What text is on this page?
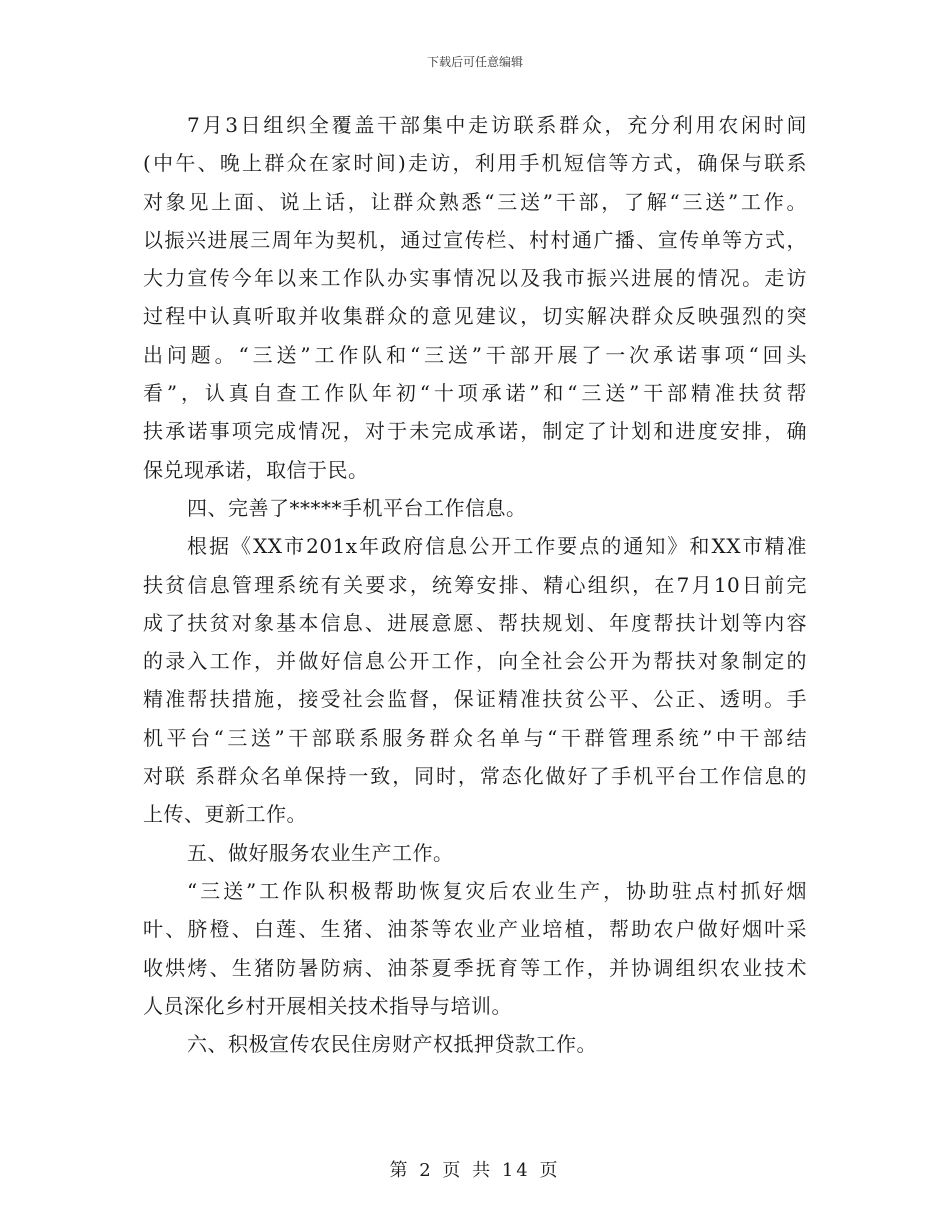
下载后可任意编辑
7月3日组织全覆盖干部集中走访联系群众，充分利用农闲时间
(中午、晚上群众在家时间)走访，利用手机短信等方式，确保与联系
对象见上面、说上话，让群众熟悉“三送”干部，了解“三送”工作。
以振兴进展三周年为契机，通过宣传栏、村村通广播、宣传单等方式，
大力宣传今年以来工作队办实事情况以及我市振兴进展的情况。走访
过程中认真听取并收集群众的意见建议，切实解决群众反映强烈的突
出问题。“三送”工作队和“三送”干部开展了一次承诺事项“回头
看”，认真自查工作队年初“十项承诺”和“三送”干部精准扶贫帮
扶承诺事项完成情况，对于未完成承诺，制定了计划和进度安排，确
保兑现承诺，取信于民。
四、完善了*****手机平台工作信息。
根据《XX市201x年政府信息公开工作要点的通知》和XX市精准
扶贫信息管理系统有关要求，统筹安排、精心组织，在7月10日前完
成了扶贫对象基本信息、进展意愿、帮扶规划、年度帮扶计划等内容
的录入工作，并做好信息公开工作，向全社会公开为帮扶对象制定的
精准帮扶措施，接受社会监督，保证精准扶贫公平、公正、透明。手
机平台“三送”干部联系服务群众名单与“干群管理系统”中干部结
对联 系群众名单保持一致，同时，常态化做好了手机平台工作信息的
上传、更新工作。
五、做好服务农业生产工作。
“三送”工作队积极帮助恢复灾后农业生产，协助驻点村抓好烟
叶、脐橙、白莲、生猪、油茶等农业产业培植，帮助农户做好烟叶采
收烘烤、生猪防暑防病、油茶夏季抚育等工作，并协调组织农业技术
人员深化乡村开展相关技术指导与培训。
六、积极宣传农民住房财产权抵押贷款工作。
第 2 页 共 14 页
